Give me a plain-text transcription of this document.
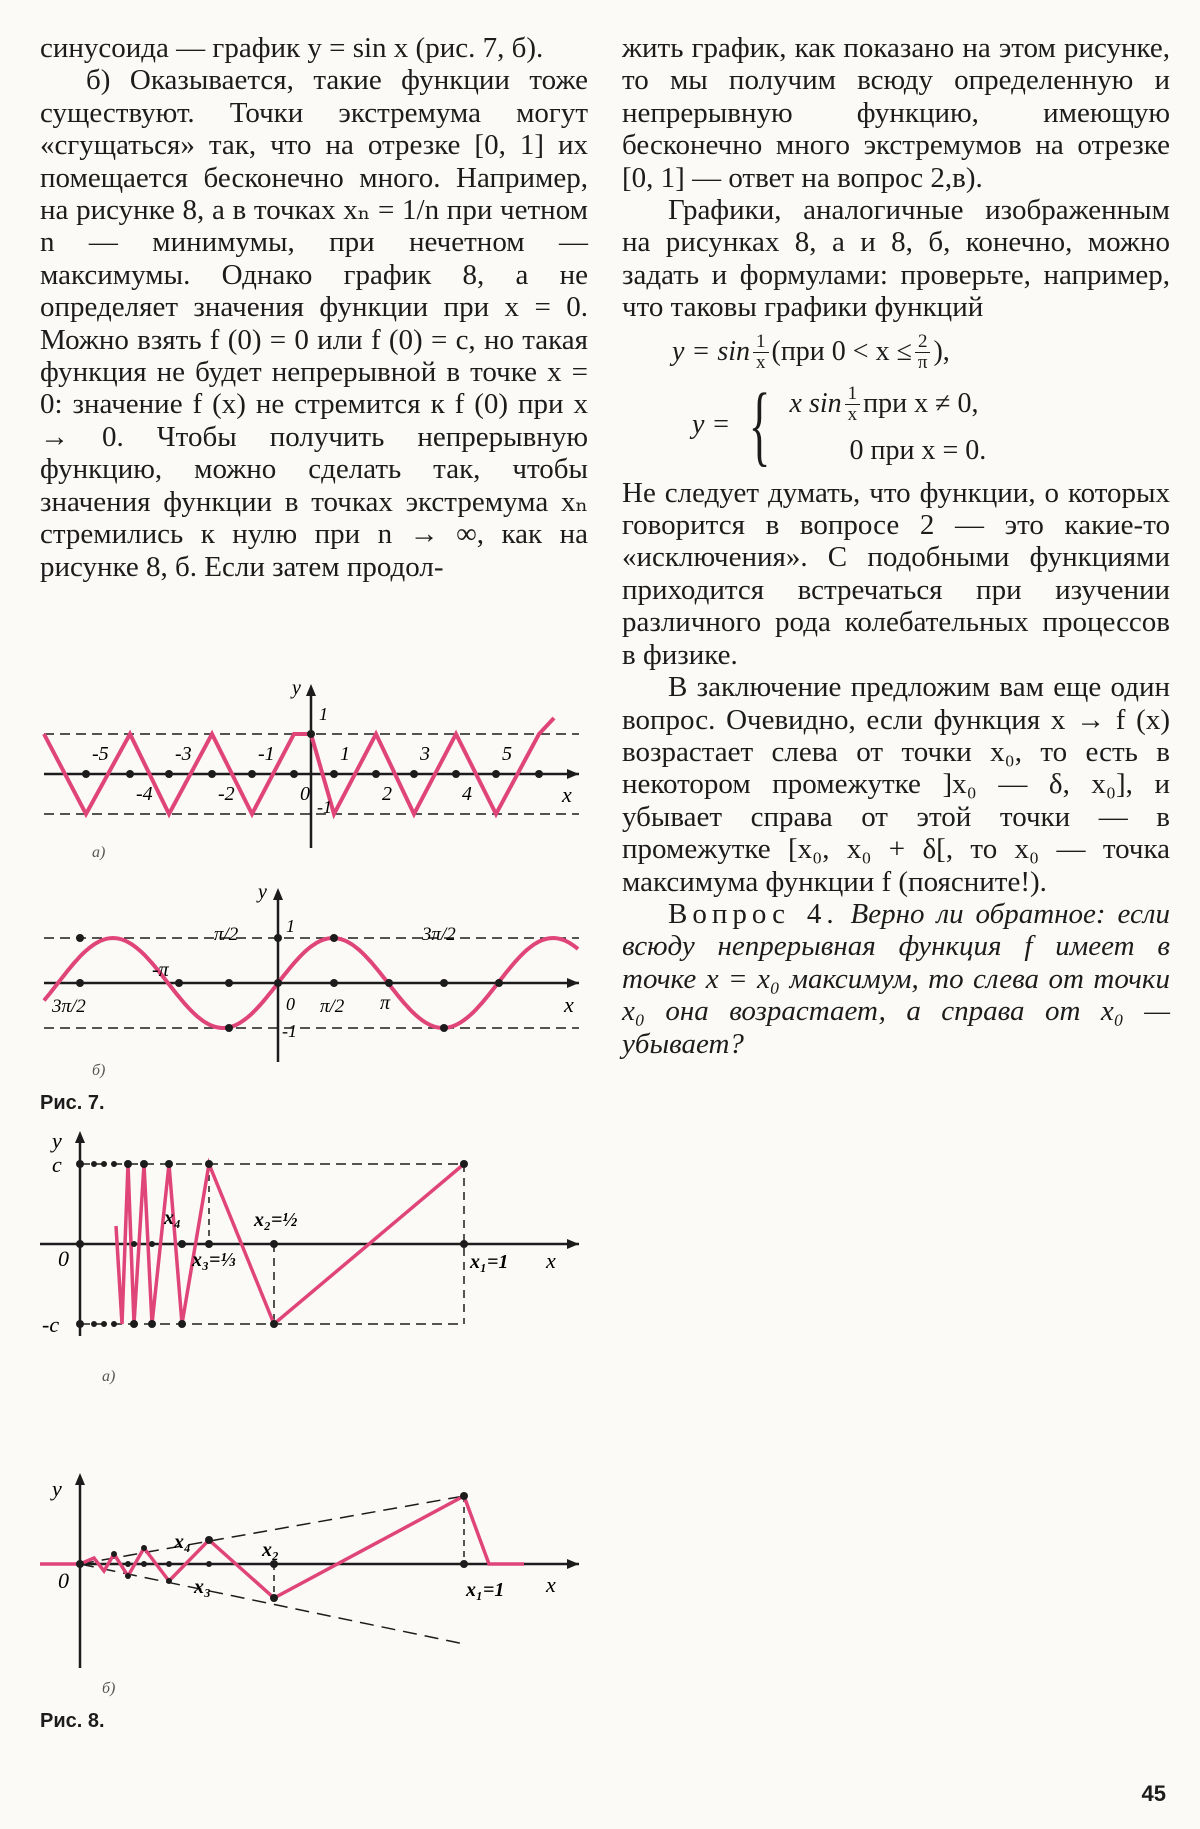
синусоида — график y = sin x (рис. 7, б).

б) Оказывается, такие функции тоже существуют. Точки экстремума могут «сгущаться» так, что на отрезке [0, 1] их помещается бесконечно много. Например, на рисунке 8, а в точках xₙ = 1/n при четном n — минимумы, при нечетном — максимумы. Однако график 8, а не определяет значения функции при x = 0. Можно взять f (0) = 0 или f (0) = c, но такая функция не будет непрерывной в точке x = 0: значение f (x) не стремится к f (0) при x → 0. Чтобы получить непрерывную функцию, можно сделать так, чтобы значения функции в точках экстремума xₙ стремились к нулю при n → ∞, как на рисунке 8, б. Если затем продол-

жить график, как показано на этом рисунке, то мы получим всюду определенную и непрерывную функцию, имеющую бесконечно много экстремумов на отрезке [0, 1] — ответ на вопрос 2,в).

Графики, аналогичные изображенным на рисунках 8, а и 8, б, конечно, можно задать и формулами: проверьте, например, что таковы графики функций

$y = \sin \frac{1}{x} (при$ $0 < x \le \frac{2}{\pi}$ ),
y = { x $\sin \frac{1}{x}$ при x ≠ 0,
0 при x = 0.

Не следует думать, что функции, о которых говорится в вопросе 2 — это какие-то «исключения». С подобными функциями приходится встречаться при изучении различного рода колебательных процессов в физике.

В заключение предложим вам еще один вопрос. Очевидно, если функция x → f (x) возрастает слева от точки x₀, то есть в некотором промежутке ]x₀ — δ, x₀], и убывает справа от этой точки — в промежутке [x₀, x₀ + δ[, то x₀ — точка максимума функции f (поясните!).

Вопрос 4. Верно ли обратное: если всюду непрерывная функция f имеет в точке x = x₀ максимум, то слева от точки x₀ она возрастает, а справа от x₀ — убывает?

1
-1
y
x
-5	-3	-1	1	3	5
-4	-2	0	2	4
а)
y
x
1
0
-1
-π
π
π/2
π/2
3π/2
3π/2
б)
Рис. 7.
y
c
-c
0	x
x₁=1
x₂=½
x₃=⅓
x₄
а)
y
0	x
x₁=1
x₂
x₃
x₄
б)
Рис. 8.
45
